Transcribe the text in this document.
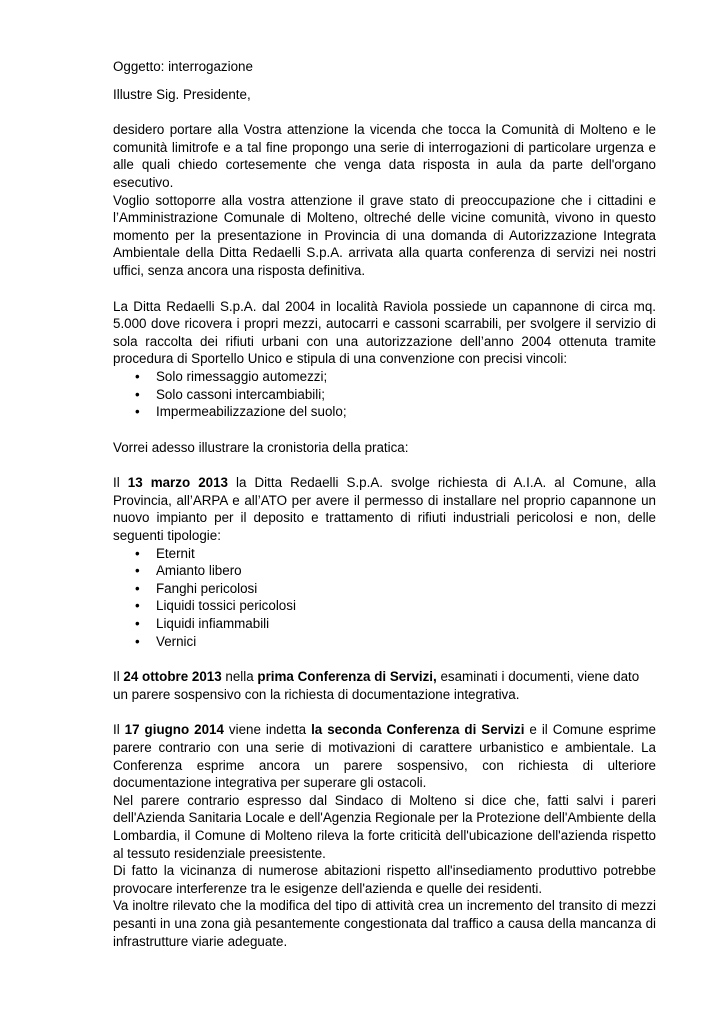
Oggetto: interrogazione

Illustre Sig. Presidente,

desidero portare alla Vostra attenzione la vicenda che tocca la Comunità di Molteno e le comunità limitrofe e a tal fine propongo una serie di interrogazioni di particolare urgenza e alle quali chiedo cortesemente che venga data risposta in aula da parte dell'organo esecutivo.

Voglio sottoporre alla vostra attenzione il grave stato di preoccupazione che i cittadini e l’Amministrazione Comunale di Molteno, oltreché delle vicine comunità, vivono in questo momento per la presentazione in Provincia di una domanda di Autorizzazione Integrata Ambientale della Ditta Redaelli S.p.A. arrivata alla quarta conferenza di servizi nei nostri uffici, senza ancora una risposta definitiva.

La Ditta Redaelli S.p.A. dal 2004 in località Raviola possiede un capannone di circa mq. 5.000 dove ricovera i propri mezzi, autocarri e cassoni scarrabili, per svolgere il servizio di sola raccolta dei rifiuti urbani con una autorizzazione dell’anno 2004 ottenuta tramite procedura di Sportello Unico e stipula di una convenzione con precisi vincoli:

• Solo rimessaggio automezzi;
• Solo cassoni intercambiabili;
• Impermeabilizzazione del suolo;

Vorrei adesso illustrare la cronistoria della pratica:

Il 13 marzo 2013 la Ditta Redaelli S.p.A. svolge richiesta di A.I.A. al Comune, alla Provincia, all’ARPA e all’ATO per avere il permesso di installare nel proprio capannone un nuovo impianto per il deposito e trattamento di rifiuti industriali pericolosi e non, delle seguenti tipologie:

• Eternit
• Amianto libero
• Fanghi pericolosi
• Liquidi tossici pericolosi
• Liquidi infiammabili
• Vernici

Il 24 ottobre 2013 nella prima Conferenza di Servizi, esaminati i documenti, viene dato
un parere sospensivo con la richiesta di documentazione integrativa.

Il 17 giugno 2014 viene indetta la seconda Conferenza di Servizi e il Comune esprime parere contrario con una serie di motivazioni di carattere urbanistico e ambientale. La Conferenza esprime ancora un parere sospensivo, con richiesta di ulteriore documentazione integrativa per superare gli ostacoli.

Nel parere contrario espresso dal Sindaco di Molteno si dice che, fatti salvi i pareri dell'Azienda Sanitaria Locale e dell'Agenzia Regionale per la Protezione dell'Ambiente della Lombardia, il Comune di Molteno rileva la forte criticità dell'ubicazione dell'azienda rispetto al tessuto residenziale preesistente.

Di fatto la vicinanza di numerose abitazioni rispetto all'insediamento produttivo potrebbe provocare interferenze tra le esigenze dell'azienda e quelle dei residenti.

Va inoltre rilevato che la modifica del tipo di attività crea un incremento del transito di mezzi pesanti in una zona già pesantemente congestionata dal traffico a causa della mancanza di infrastrutture viarie adeguate.
